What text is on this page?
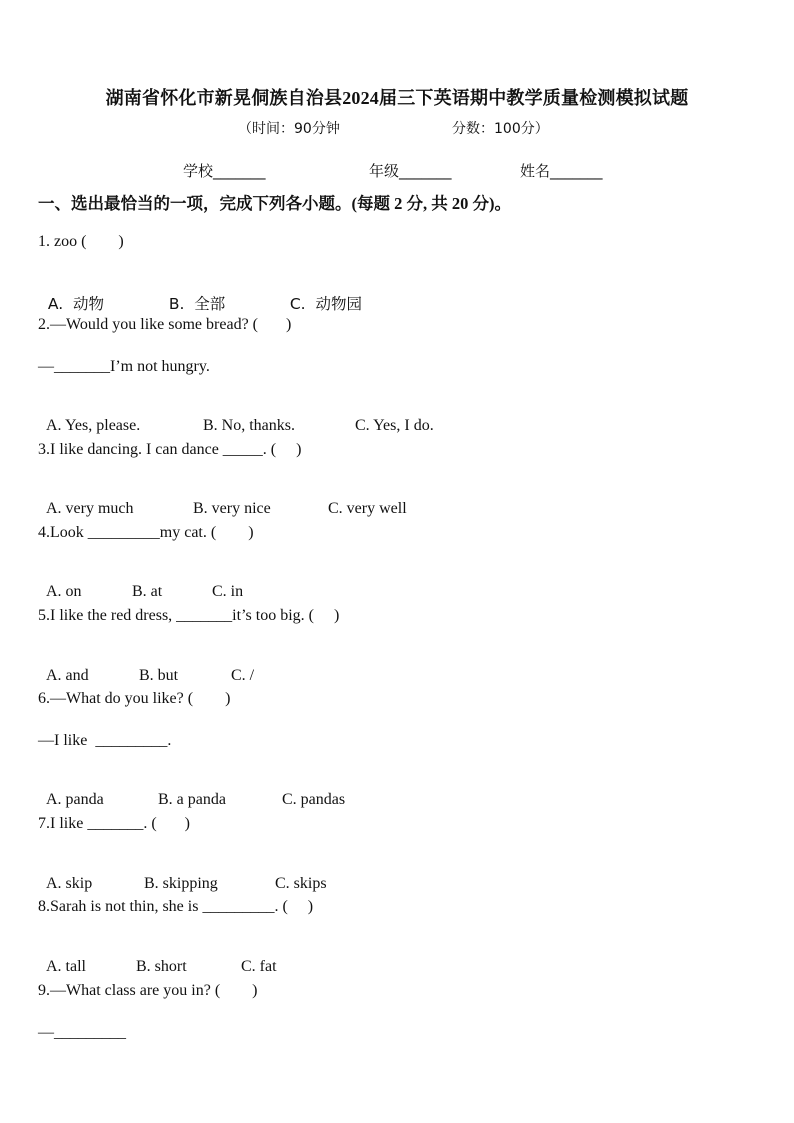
湖南省怀化市新晃侗族自治县2024届三下英语期中教学质量检测模拟试题
（时间：90分钟	分数：100分）
学校_______	年级_______	姓名_______
一、选出最恰当的一项，完成下列各小题。(每题 2 分, 共 20 分)。
1. zoo (        )

A.  动物	B.  全部	C.  动物园

2.—Would you like some bread? (       )
—_______I’m not hungry.

A. Yes, please.	B. No, thanks.	C. Yes, I do.

3.I like dancing. I can dance _____. (     )

A. very much	B. very nice	C. very well

4.Look _________my cat. (        )

A. on	B. at	C. in

5.I like the red dress, _______it’s too big. (     )

A. and	B. but	C. /

6.—What do you like? (        )
—I like  _________.

A. panda	B. a panda	C. pandas

7.I like _______. (       )

A. skip	B. skipping	C. skips

8.Sarah is not thin, she is _________. (     )

A. tall	B. short	C. fat

9.—What class are you in? (        )
—_________
